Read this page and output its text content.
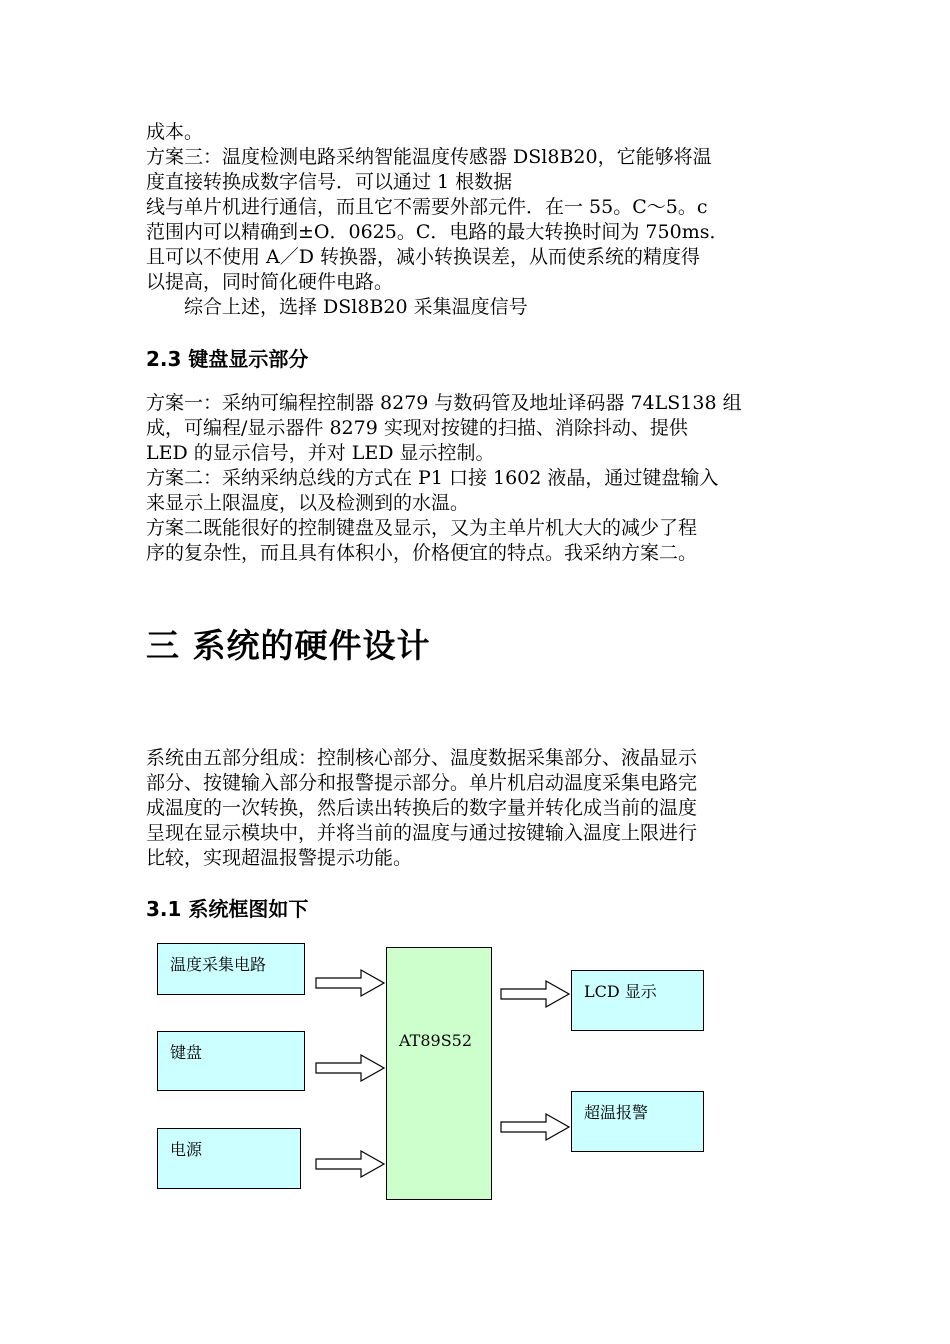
成本。
方案三：温度检测电路采纳智能温度传感器 DSl8B20，它能够将温
度直接转换成数字信号．可以通过 1 根数据
线与单片机进行通信，而且它不需要外部元件．在一 55。C～5。c
范围内可以精确到±O．0625。C．电路的最大转换时间为 750ms．
且可以不使用 A／D 转换器，减小转换误差，从而使系统的精度得
以提高，同时简化硬件电路。
　　综合上述，选择 DSl8B20 采集温度信号
2.3 键盘显示部分
方案一：采纳可编程控制器 8279 与数码管及地址译码器 74LS138 组
成，可编程/显示器件 8279 实现对按键的扫描、消除抖动、提供
LED 的显示信号，并对 LED 显示控制。
方案二：采纳采纳总线的方式在 P1 口接 1602 液晶，通过键盘输入
来显示上限温度，以及检测到的水温。
方案二既能很好的控制键盘及显示，又为主单片机大大的减少了程
序的复杂性，而且具有体积小，价格便宜的特点。我采纳方案二。
三 系统的硬件设计
系统由五部分组成：控制核心部分、温度数据采集部分、液晶显示
部分、按键输入部分和报警提示部分。单片机启动温度采集电路完
成温度的一次转换，然后读出转换后的数字量并转化成当前的温度
呈现在显示模块中，并将当前的温度与通过按键输入温度上限进行
比较，实现超温报警提示功能。
3.1 系统框图如下
温度采集电路
键盘
电源
AT89S52
LCD 显示
超温报警
